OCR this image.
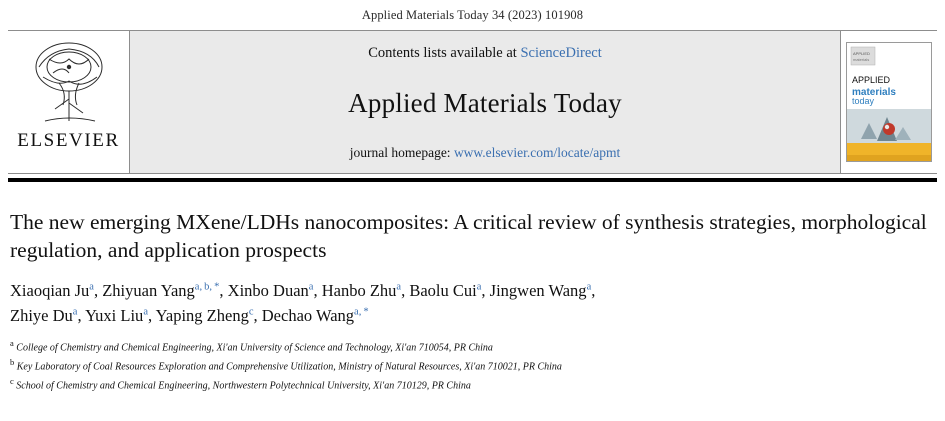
Applied Materials Today 34 (2023) 101908
ELSEVIER
Contents lists available at ScienceDirect
Applied Materials Today
journal homepage: www.elsevier.com/locate/apmt
APPLIED
materials
APPLIED
materials
today
The new emerging MXene/LDHs nanocomposites: A critical review of synthesis strategies, morphological regulation, and application prospects
Xiaoqian Ju$^a$, Zhiyuan Yang$^{a, b, *}$, Xinbo Duan$^a$, Hanbo Zhu$^a$, Baolu Cui$^a$, Jingwen Wang$^a$,
Zhiye Du$^a$, Yuxi Liu$^a$, Yaping Zheng$^c$, Dechao Wang$^{a, *}$
$^a$ College of Chemistry and Chemical Engineering, Xi'an University of Science and Technology, Xi'an 710054, PR China
$^b$ Key Laboratory of Coal Resources Exploration and Comprehensive Utilization, Ministry of Natural Resources, Xi'an 710021, PR China
$^c$ School of Chemistry and Chemical Engineering, Northwestern Polytechnical University, Xi'an 710129, PR China
